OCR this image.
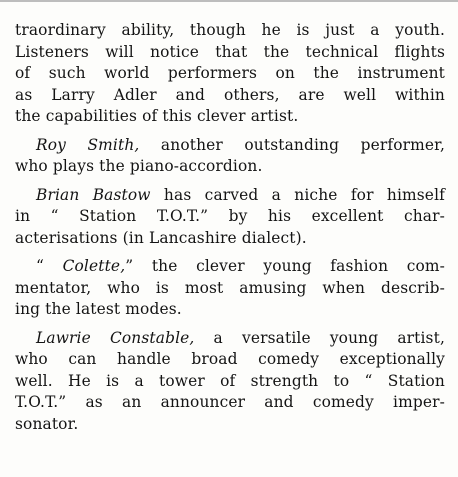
traordinary ability, though he is just a youth.
Listeners will notice that the technical flights
of such world performers on the instrument
as Larry Adler and others, are well within
the capabilities of this clever artist.

Roy Smith, another outstanding performer,
who plays the piano-accordion.

Brian Bastow has carved a niche for himself
in “ Station T.O.T.” by his excellent char-
acterisations (in Lancashire dialect).

“ Colette,” the clever young fashion com-
mentator, who is most amusing when describ-
ing the latest modes.

Lawrie Constable, a versatile young artist,
who can handle broad comedy exceptionally
well. He is a tower of strength to “ Station
T.O.T.” as an announcer and comedy imper-
sonator.
